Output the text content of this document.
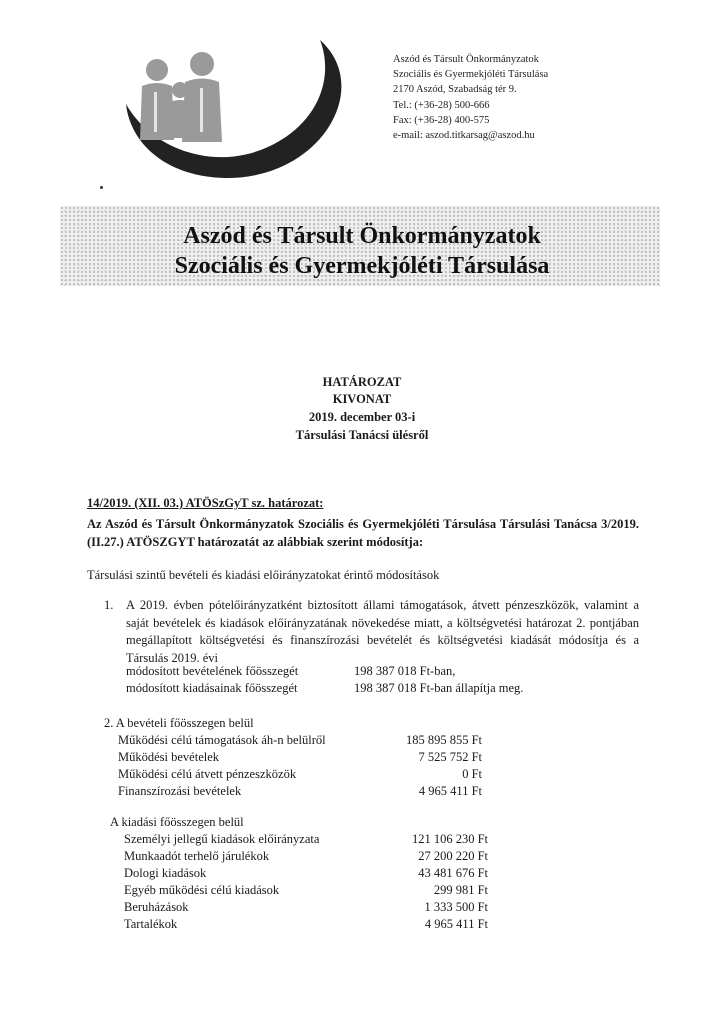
Aszód és Társult Önkormányzatok
Szociális és Gyermekjóléti Társulása
2170 Aszód, Szabadság tér 9.
Tel.: (+36-28) 500-666
Fax: (+36-28) 400-575
e-mail: aszod.titkarsag@aszod.hu
Aszód és Társult Önkormányzatok
Szociális és Gyermekjóléti Társulása
HATÁROZAT
KIVONAT
2019. december 03-i
Társulási Tanácsi ülésről
14/2019. (XII. 03.) ATÖSzGyT sz. határozat:
Az Aszód és Társult Önkormányzatok Szociális és Gyermekjóléti Társulása Társulási Tanácsa 3/2019. (II.27.) ATÖSZGYT határozatát az alábbiak szerint módosítja:
Társulási szintű bevételi és kiadási előirányzatokat érintő módosítások
1. A 2019. évben pótelőirányzatként biztosított állami támogatások, átvett pénzeszközök, valamint a saját bevételek és kiadások előirányzatának növekedése miatt, a költségvetési határozat 2. pontjában megállapított költségvetési és finanszírozási bevételét és költségvetési kiadását módosítja és a Társulás 2019. évi
módosított bevételének főösszegét	198 387 018 Ft-ban,
módosított kiadásainak főösszegét	198 387 018 Ft-ban állapítja meg.
2. A bevételi főösszegen belül
Működési célú támogatások áh-n belülről	185 895 855 Ft
Működési bevételek	7 525 752 Ft
Működési célú átvett pénzeszközök	0 Ft
Finanszírozási bevételek	4 965 411 Ft
A kiadási főösszegen belül
Személyi jellegű kiadások előirányzata	121 106 230 Ft
Munkaadót terhelő járulékok	27 200 220 Ft
Dologi kiadások	43 481 676 Ft
Egyéb működési célú kiadások	299 981 Ft
Beruházások	1 333 500 Ft
Tartalékok	4 965 411 Ft
